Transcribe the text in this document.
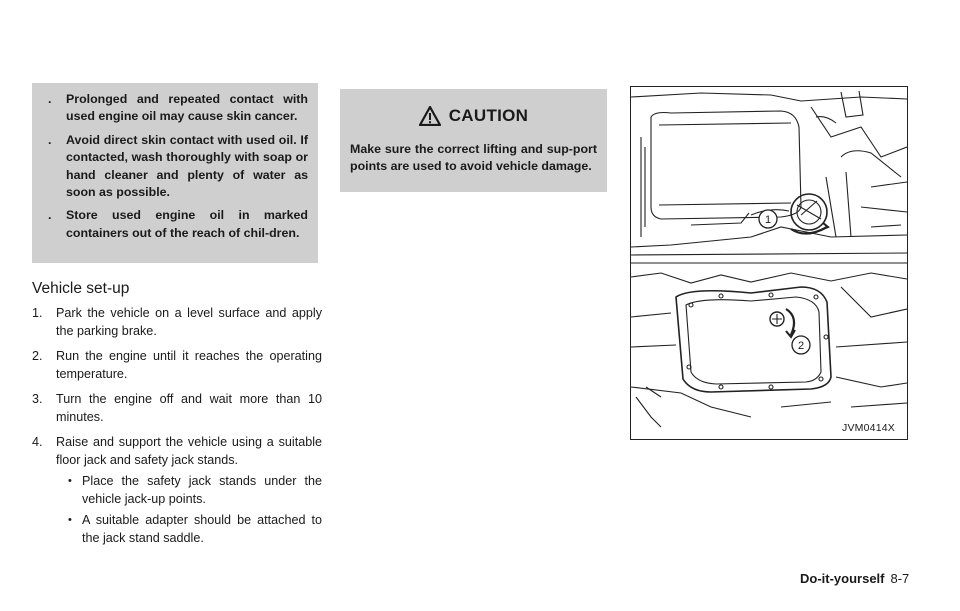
. Prolonged and repeated contact with used engine oil may cause skin cancer.
. Avoid direct skin contact with used oil. If contacted, wash thoroughly with soap or hand cleaner and plenty of water as soon as possible.
. Store used engine oil in marked containers out of the reach of chil-dren.
Vehicle set-up
1. Park the vehicle on a level surface and apply the parking brake.
2. Run the engine until it reaches the operating temperature.
3. Turn the engine off and wait more than 10 minutes.
4. Raise and support the vehicle using a suitable floor jack and safety jack stands.
• Place the safety jack stands under the vehicle jack-up points.
• A suitable adapter should be attached to the jack stand saddle.
CAUTION
Make sure the correct lifting and sup-port points are used to avoid vehicle damage.
1
2
JVM0414X
Do-it-yourself 8-7
